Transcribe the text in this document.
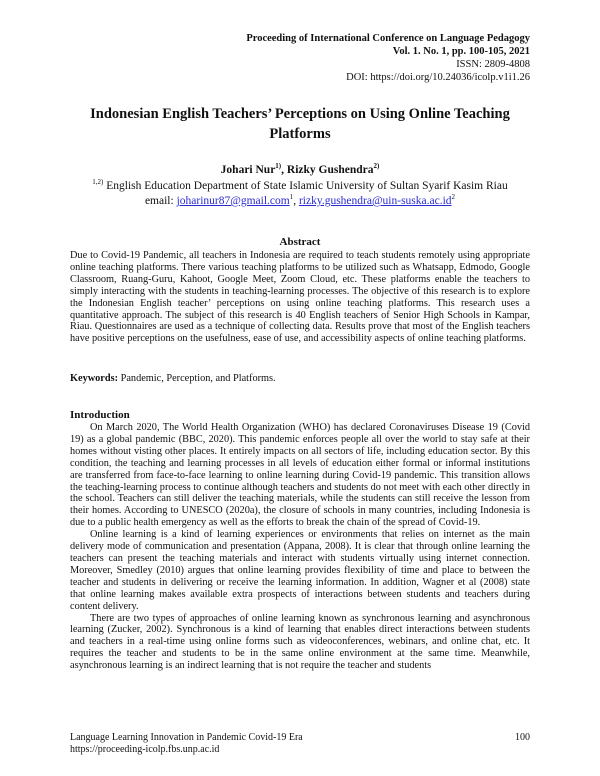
Proceeding of International Conference on Language Pedagogy
Vol. 1. No. 1, pp. 100-105, 2021
ISSN: 2809-4808
DOI: https://doi.org/10.24036/icolp.v1i1.26
Indonesian English Teachers’ Perceptions on Using Online Teaching Platforms
Johari Nur$^{1)}$, Rizky Gushendra$^{2)}$
$^{1,2)}$ English Education Department of State Islamic University of Sultan Syarif Kasim Riau
email: joharinur87@gmail.com$^1$, $rizky.gushendra@uin-suska.ac.id^2$
Abstract
Due to Covid-19 Pandemic, all teachers in Indonesia are required to teach students remotely using appropriate online teaching platforms. There various teaching platforms to be utilized such as Whatsapp, Edmodo, Google Classroom, Ruang-Guru, Kahoot, Google Meet, Zoom Cloud, etc. These platforms enable the teachers to simply interacting with the students in teaching-learning processes. The objective of this research is to explore the Indonesian English teacher’ perceptions on using online teaching platforms. This research uses a quantitative approach. The subject of this research is 40 English teachers of Senior High Schools in Kampar, Riau. Questionnaires are used as a technique of collecting data. Results prove that most of the English teachers have positive perceptions on the usefulness, ease of use, and accessibility aspects of online teaching platforms.
Keywords: Pandemic, Perception, and Platforms.
Introduction

On March 2020, The World Health Organization (WHO) has declared Coronaviruses Disease 19 (Covid 19) as a global pandemic (BBC, 2020). This pandemic enforces people all over the world to stay safe at their homes without visting other places. It entirely impacts on all sectors of life, including education sector. By this condition, the teaching and learning processes in all levels of education either formal or informal institutions are transferred from face-to-face learning to online learning during Covid-19 pandemic. This transition allows the teaching-learning process to continue although teachers and students do not meet with each other directly in the school. Teachers can still deliver the teaching materials, while the students can still receive the lesson from their homes. According to UNESCO (2020a), the closure of schools in many countries, including Indonesia is due to a public health emergency as well as the efforts to break the chain of the spread of Covid-19.

Online learning is a kind of learning experiences or environments that relies on internet as the main delivery mode of communication and presentation (Appana, 2008). It is clear that through online learning the teachers can present the teaching materials and interact with students virtually using internet connection. Moreover, Smedley (2010) argues that online learning provides flexibility of time and place to between the teacher and students in delivering or receive the learning information. In addition, Wagner et al (2008) state that online learning makes available extra prospects of interactions between students and teachers during content delivery.

There are two types of approaches of online learning known as synchronous learning and asynchronous learning (Zucker, 2002). Synchronous is a kind of learning that enables direct interactions between students and teachers in a real-time using online forms such as videoconferences, webinars, and online chat, etc. It requires the teacher and students to be in the same online environment at the same time. Meanwhile, asynchronous learning is an indirect learning that is not require the teacher and students

Language Learning Innovation in Pandemic Covid-19 Era
https://proceeding-icolp.fbs.unp.ac.id
100
